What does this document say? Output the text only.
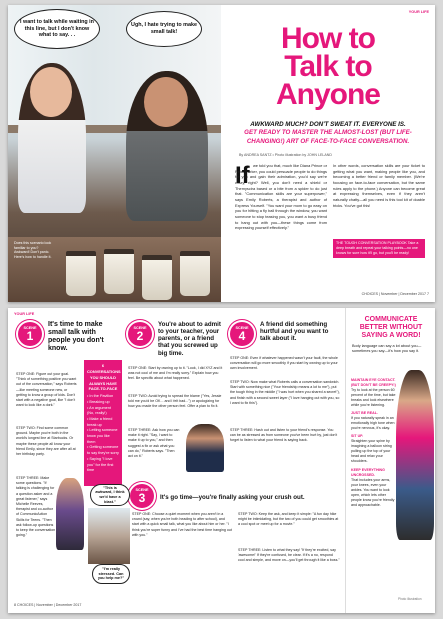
I want to talk while waiting in this line, but I don't know what to say. . .
Ugh, I hate trying to make small talk!
Does this scenario look familiar to you? Awkward! Don't panic. Here's how to handle it.
YOUR LIFE
How to
Talk to
Anyone
AWKWARD MUCH? DON'T SWEAT IT. EVERYONE IS.
GET READY TO MASTER THE ALMOST-LOST (BUT LIFE-
CHANGING!) ART OF FACE-TO-FACE CONVERSATION.
By ANDREA SANTZ • Photo illustration by JOHN LELAND
If we told you that, much like Diana Prince or Peter Parker, you could persuade people to do things for you and gain their admiration, you'd say we're crazy, right? Well, you don't need a shield or Themyscira based or a bite from a spider to do just that. "Communication skills are your superpower," says Emily Roberts, a therapist and author of Express Yourself. "You want your mom to go easy on you for hitting a fly ball through the window, you want someone to stop teasing you, you want a busy friend to hang out with you—these things come from expressing yourself effectively."
In other words, conversation skills are your ticket to getting what you want, making people like you, and becoming a better friend or family member. (We're focusing on face-to-face conversation, but the same rules apply to the phone.) Anyone can become great at expressing themselves, even if they aren't naturally chatty—all you need is this tool kit of doable tricks. You've got this!
THE TOUGH CONVERSATION PLAYBOOK Take a deep breath and repeat your talking points—no one knows for sure how it'll go, but you'll be ready!
CHOICES | November | December 2017 7
YOUR LIFE
SCENE
1
It's time to make small talk with people you don't know.
STEP ONE: Figure out your goal. "Think of something positive you want out of the conversation," says Roberts—like meeting someone new, or getting to know a group of kids. Don't start with a negative goal, like "I don't want to look like a dork."
STEP TWO: Find some common ground. Maybe you're both in the world's longest line at Starbucks. Or maybe these people all know your friend Emily, since they are after all at her birthday party.
STEP THREE: Make some questions. "If talking is challenging for a question asker and a great listener," says Michelle Reeves, therapist and co-author of CommunicAction Skills for Teens. "Then ask follow-up questions to keep the conversation going."
6 CONVERSATIONS YOU SHOULD ALWAYS HAVE FACE-TO-FACE
• In the Pavilion
• Breaking up
• An argument (No, really!)
• Make a friend break up
• Letting someone know you like them
• Getting someone to say they're sorry
• Saying "I love you" for the first time
SCENE
2
You're about to admit to your teacher, your parents, or a friend that you screwed up big time.
STEP ONE: Start by owning up to it. "Look, I did XYZ and it was not cool of me and I'm really sorry." Explain how you feel. Be specific about what happened.
STEP TWO: Avoid trying to spread the blame ("Yes, Jessie told me you'd be OK... and I felt bad...") or apologizing for how you made the other person feel. Offer a plan to fix it.
STEP THREE: Ask how you can make it right. "Say, I want to make it up to you," and then suggest a fix or ask what you can do," Roberts says. "Then act on it."
SCENE
3	It's go time—you're finally asking your crush out.
"This is awkward, I think we'd have a blast."
"I'm really stressed. Can you help me?"
STEP ONE: Choose a quiet moment when you aren't in a crowd (say, when you're both heading to after school), and start with a quick small talk, what you like about him or her. "I think you're super funny and I've had the best time hanging out with you."
STEP TWO: Keep the ask, and keep it simple: "A fun day hike might be intimidating, but the two of you could get smoothies at a cool spot or meet up for a movie."
STEP THREE: Listen to what they say! "If they're excited, say 'awesome!' If they're confused, be clear. If it's a no, respond cool and simple, and move on—you'll get through it like a boss."
SCENE
4
A friend did something hurtful and you want to talk about it.
STEP ONE: Even if whatever happened wasn't your fault, the whole conversation will go more smoothly if you start by owning up to your own involvement.
STEP TWO: Now make what Roberts calls a conversation sandwich. Start with something nice ("Your friendship means a lot to me"), put the tough thing in the middle ("I was hurt when you shared a secret"), and finish with a second sweet layer ("I love hanging out with you, so I want to fix this").
STEP THREE: Hash out and listen to your friend's response. You can be as stressed as from someone you've been hurt by, just don't forget to listen to what your friend is saying back.
COMMUNICATE BETTER WITHOUT SAYING A WORD!
Body language can say a lot about you—sometimes you say—it's how you say it.
MAINTAIN EYE CONTACT. (BUT DON'T BE CREEPY!)
Try to look at the person 60 percent of the time, but take breaks and look elsewhere while you're listening.
JUST BE REAL.
If you naturally speak in an emotionally high tone when you're nervous, it's okay.
SIT UP.
Straighten your spine by imagining a balloon string pulling up the top of your head and relax your shoulders.
KEEP EVERYTHING UNCROSSED.
That includes your arms, your knees, even your ankles. You want to look open, which lets other people know you're friendly and approachable.
Photo illustration
8 CHOICES | November | December 2017
